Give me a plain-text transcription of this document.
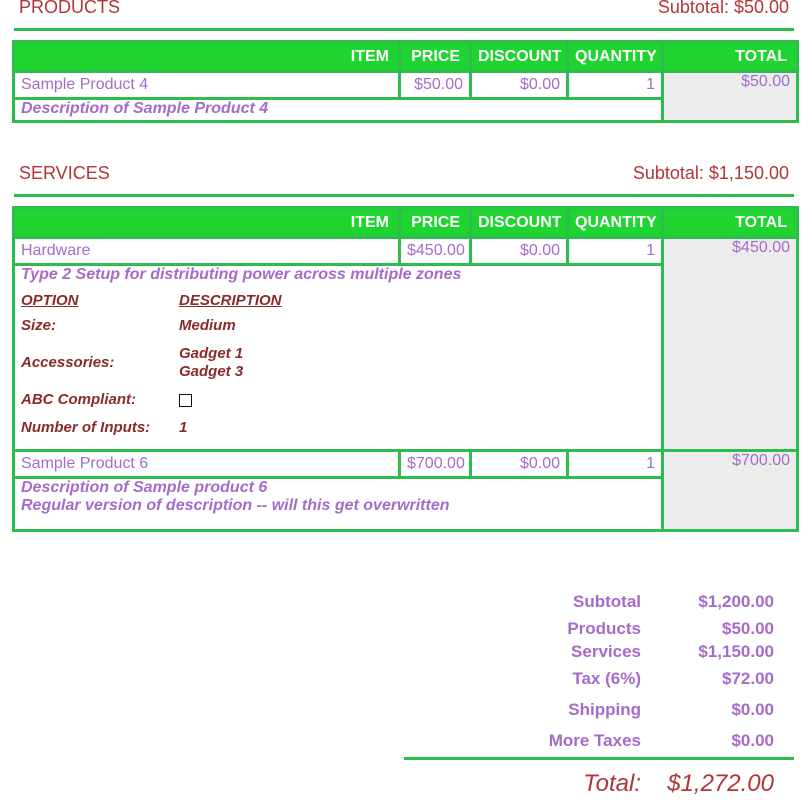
PRODUCTS	Subtotal: $50.00
ITEM	PRICE	DISCOUNT	QUANTITY	TOTAL
Sample Product 4	$50.00	$0.00	1	$50.00

Description of Sample Product 4				
SERVICES	Subtotal: $1,150.00
ITEM	PRICE	DISCOUNT	QUANTITY	TOTAL
Hardware	$450.00	$0.00	1	$450.00

Type 2 Setup for distributing power across multiple zones
OPTION	DESCRIPTION
Size:	Medium
Accessories:	
Gadget 1
Gadget 3

ABC Compliant:	
Number of Inputs:	1

Sample Product 6	$700.00	$0.00	1	$700.00

Description of Sample product 6
Regular version of description -- will this get overwritten
Subtotal	$1,200.00
Products	$50.00
Services	$1,150.00
Tax (6%)	$72.00
Shipping	$0.00
More Taxes	$0.00
Total: $1,272.00
